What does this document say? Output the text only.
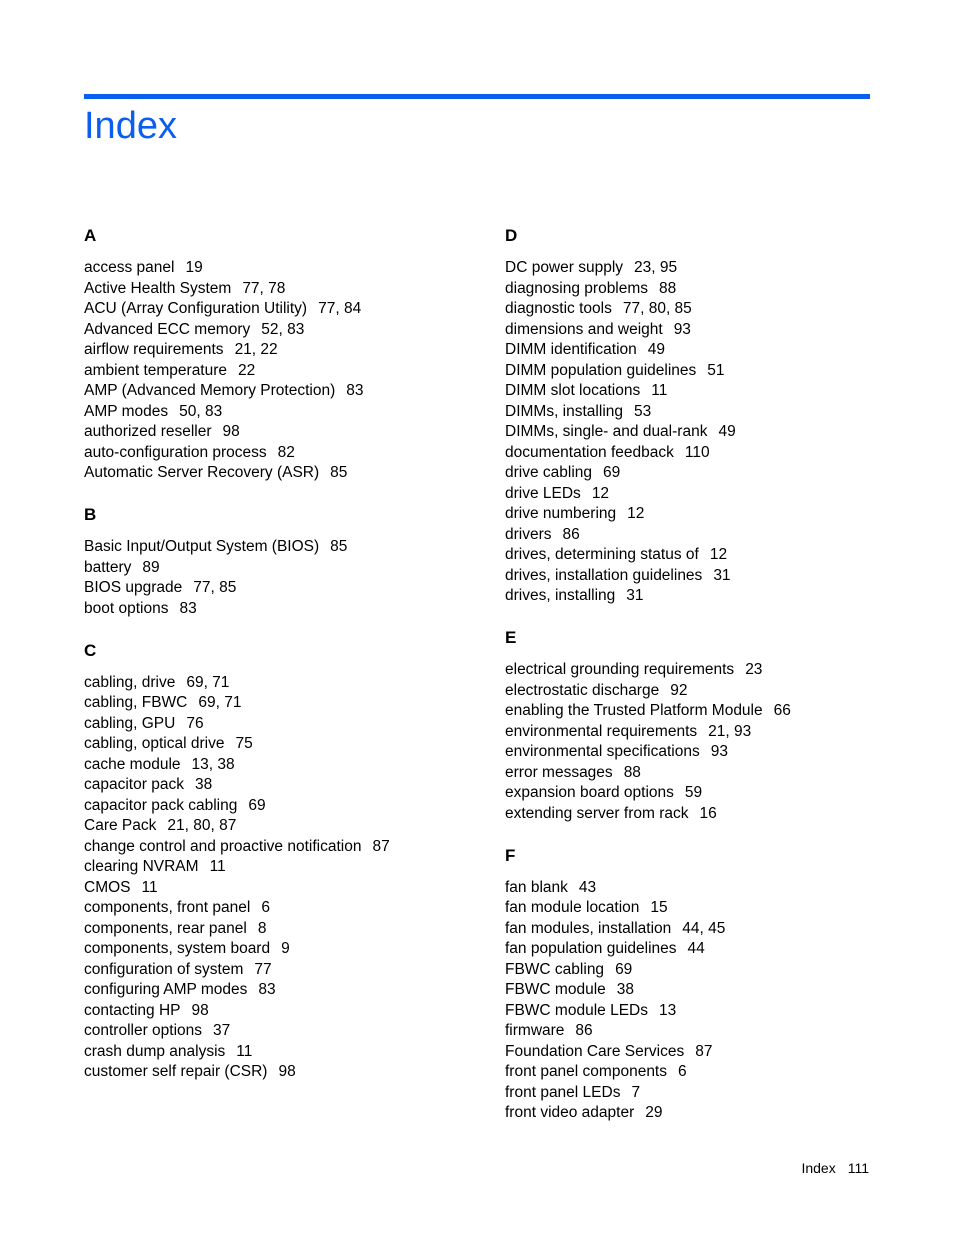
Index
A
access panel 19
Active Health System 77, 78
ACU (Array Configuration Utility) 77, 84
Advanced ECC memory 52, 83
airflow requirements 21, 22
ambient temperature 22
AMP (Advanced Memory Protection) 83
AMP modes 50, 83
authorized reseller 98
auto-configuration process 82
Automatic Server Recovery (ASR) 85
B
Basic Input/Output System (BIOS) 85
battery 89
BIOS upgrade 77, 85
boot options 83
C
cabling, drive 69, 71
cabling, FBWC 69, 71
cabling, GPU 76
cabling, optical drive 75
cache module 13, 38
capacitor pack 38
capacitor pack cabling 69
Care Pack 21, 80, 87
change control and proactive notification 87
clearing NVRAM 11
CMOS 11
components, front panel 6
components, rear panel 8
components, system board 9
configuration of system 77
configuring AMP modes 83
contacting HP 98
controller options 37
crash dump analysis 11
customer self repair (CSR) 98
D
DC power supply 23, 95
diagnosing problems 88
diagnostic tools 77, 80, 85
dimensions and weight 93
DIMM identification 49
DIMM population guidelines 51
DIMM slot locations 11
DIMMs, installing 53
DIMMs, single- and dual-rank 49
documentation feedback 110
drive cabling 69
drive LEDs 12
drive numbering 12
drivers 86
drives, determining status of 12
drives, installation guidelines 31
drives, installing 31
E
electrical grounding requirements 23
electrostatic discharge 92
enabling the Trusted Platform Module 66
environmental requirements 21, 93
environmental specifications 93
error messages 88
expansion board options 59
extending server from rack 16
F
fan blank 43
fan module location 15
fan modules, installation 44, 45
fan population guidelines 44
FBWC cabling 69
FBWC module 38
FBWC module LEDs 13
firmware 86
Foundation Care Services 87
front panel components 6
front panel LEDs 7
front video adapter 29
Index 111
